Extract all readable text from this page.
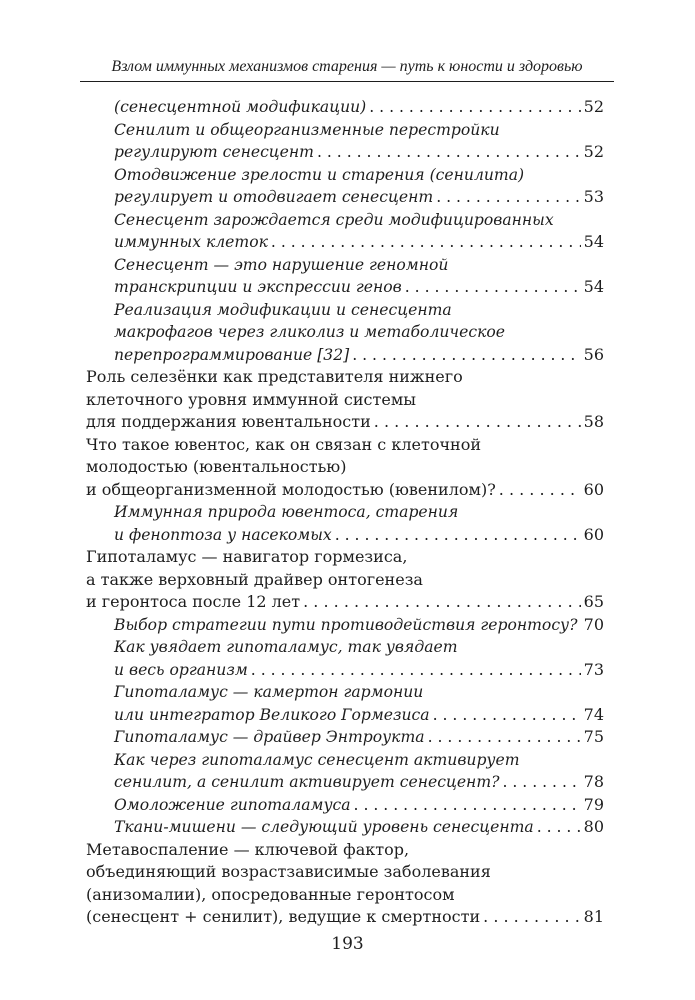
Взлом иммунных механизмов старения — путь к юности и здоровью
(сенесцентной модификации) . . .	52
Сенилит и общеорганизменные перестройки
регулируют сенесцент . . .	52
Отодвижение зрелости и старения (сенилита)
регулирует и отодвигает сенесцент . . .	53
Сенесцент зарождается среди модифицированных
иммунных клеток . . .	54
Сенесцент — это нарушение геномной
транскрипции и экспрессии генов . . .	54
Реализация модификации и сенесцента
макрофагов через гликолиз и метаболическое
перепрограммирование [32] . . .	56
Роль селезёнки как представителя нижнего
клеточного уровня иммунной системы
для поддержания ювентальности . . .	58
Что такое ювентос, как он связан с клеточной
молодостью (ювентальностью)
и общеорганизменной молодостью (ювенилом)? . . .	60
Иммунная природа ювентоса, старения
и феноптоза у насекомых . . .	60
Гипоталамус — навигатор гормезиса,
а также верховный драйвер онтогенеза
и геронтоса после 12 лет . . .	65
Выбор стратегии пути противодействия геронтосу? . . . 70
Как увядает гипоталамус, так увядает
и весь организм . . .	73
Гипоталамус — камертон гармонии
или интегратор Великого Гормезиса . . .	74
Гипоталамус — драйвер Энтроукта . . .	75
Как через гипоталамус сенесцент активирует
сенилит, а сенилит активирует сенесцент? . . .	78
Омоложение гипоталамуса . . .	79
Ткани-мишени — следующий уровень сенесцента . . .	80
Метавоспаление — ключевой фактор,
объединяющий возрастзависимые заболевания
(анизомалии), опосредованные геронтосом
(сенесцент + сенилит), ведущие к смертности . . .	81
193
